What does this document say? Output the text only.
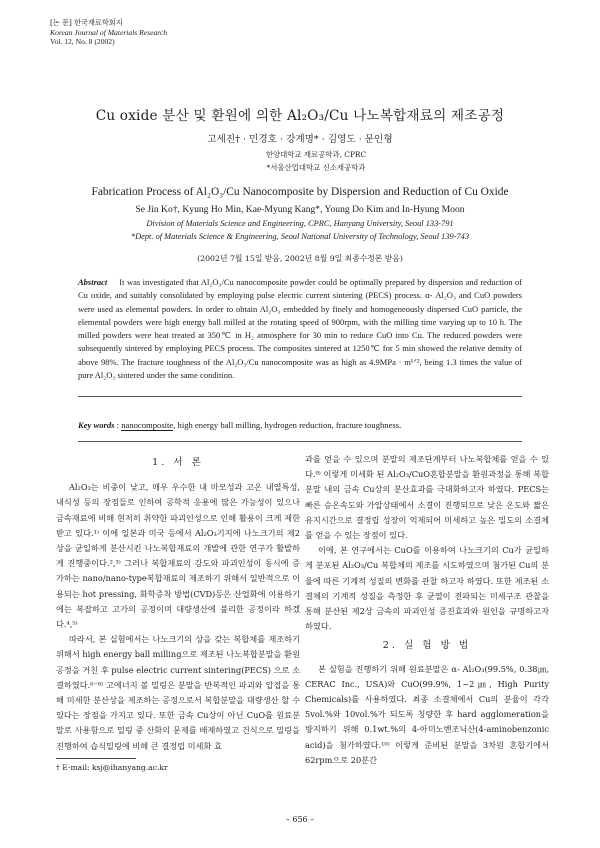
[논 문] 한국재료학회지
Korean Journal of Materials Research
Vol. 12, No. 8 (2002)
Cu oxide 분산 및 환원에 의한 Al₂O₃/Cu 나노복합재료의 제조공정
고세진† · 민경호 · 강계명* · 김영도 · 문인형
한양대학교 재료공학과, CPRC
*서울산업대학교 신소재공학과
Fabrication Process of Al₂O₃/Cu Nanocomposite by Dispersion and Reduction of Cu Oxide
Se Jin Ko†, Kyung Ho Min, Kae-Myung Kang*, Young Do Kim and In-Hyung Moon
Division of Materials Science and Engineering, CPRC, Hanyang University, Seoul 133-791
*Dept. of Materials Science & Engineering, Seoul National University of Technology, Seoul 139-743
(2002년 7월 15일 받음, 2002년 8월 9일 최종수정본 받음)
Abstract It was investigated that Al₂O₃/Cu nanocomposite powder could be optimally prepared by dispersion and reduction of Cu oxide, and suitably consolidated by employing pulse electric current sintering (PECS) process. α- Al₂O₃ and CuO powders were used as elemental powders. In order to obtain Al₂O₃ embedded by finely and homogeneously dispersed CuO particle, the elemental powders were high energy ball milled at the rotating speed of 900rpm, with the milling time varying up to 10 h. The milled powders were heat treated at 350℃ in H₂ atmosphere for 30 min to reduce CuO into Cu. The reduced powders were subsequently sintered by employing PECS process. The composites sintered at 1250℃ for 5 min showed the relative density of above 98%. The fracture toughness of the Al₂O₃/Cu nanocomposite was as high as 4.9MPa · m¹ᐟ², being 1.3 times the value of pure Al₂O₃ sintered under the same condition.
Key words : nanocomposite, high energy ball milling, hydrogen reduction, fracture toughness.
1. 서 론

Al₂O₃는 비중이 낮고, 매우 우수한 내 마모성과 고온 내열특성, 내식성 등의 장점들로 인하여 공학적 응용에 많은 가능성이 있으나 금속재료에 비해 현저히 취약한 파괴인성으로 인해 활용이 크게 제한 받고 있다.¹⁾ 이에 일본과 미국 등에서 Al₂O₃기지에 나노크기의 제2상을 균일하게 분산시킨 나노복합재료의 개발에 관한 연구가 활발하게 진행중이다.²,³⁾ 그러나 복합재료의 강도와 파괴인성이 동시에 증가하는 nano/nano-type복합재료의 제조하기 위해서 일반적으로 이용되는 hot pressing, 화학증착 방법(CVD)등은 산업화에 이용하기에는 복잡하고 고가의 공정이며 대량생산에 불리한 공정이라 하겠다.⁴,⁵⁾

따라서, 본 실험에서는 나노크기의 상을 갖는 복합체를 제조하기 위해서 high energy ball milling으로 제조된 나노복합분말을 환원공정을 거친 후 pulse electric current sintering(PECS) 으로 소결하였다.⁶⁻⁸⁾ 고에너지 볼 밀링은 분말을 반복적인 파괴와 압접을 통해 미세한 분산상을 제조하는 공정으로서 복합분말을 대량생산 할 수 있다는 장점을 가지고 있다. 또한 금속 Cu상이 아닌 CuO를 원료분말로 사용함으로 밀링 중 산화의 문제를 배제하였고 건식으로 밀링을 진행하여 습식밀링에 비해 큰 결정립 미세화 효

과를 얻을 수 있으며 분말의 제조단계부터 나노복합체를 얻을 수 있다.⁹⁾ 이렇게 미세화 된 Al₂O₃/CuO혼합분말을 환원과정을 통해 복합분말 내의 금속 Cu상의 분산효과를 극대화하고자 하였다. PECS는 빠른 승온속도와 가압상태에서 소결이 진행되므로 낮은 온도와 짧은 유지시간으로 결정립 성장이 억제되어 미세하고 높은 밀도의 소결체를 얻을 수 있는 장점이 있다.

이에, 본 연구에서는 CuO를 이용하여 나노크기의 Cu가 균일하게 분포된 Al₂O₃/Cu 복합체의 제조를 시도하였으며 첨가된 Cu의 분율에 따른 기계적 성질의 변화를 관찰 하고자 하였다. 또한 제조된 소결체의 기계적 성질을 측정한 후 균열이 전파되는 미세구조 관찰을 통해 분산된 제2상 금속의 파괴인성 증진효과와 원인을 규명하고자 하였다.

2. 실 험 방 법

본 실험을 진행하기 위해 원료분말은 α- Al₂O₃(99.5%, 0.38㎛, CERAC Inc., USA)와 CuO(99.9%, 1~2㎛, High Purity Chemicals)를 사용하였다. 최종 소결체에서 Cu의 분율이 각각 5vol.%와 10vol.%가 되도록 칭량한 후 hard agglomeration을 방지하기 위해 0.1wt.%의 4-아미노벤조닉산(4-aminobenzonic acid)을 첨가하였다.¹⁰⁾ 이렇게 준비된 분말을 3차원 혼합기에서 62rpm으로 20분간

† E-mail: ksj@ihanyang.ac.kr
– 656 –
